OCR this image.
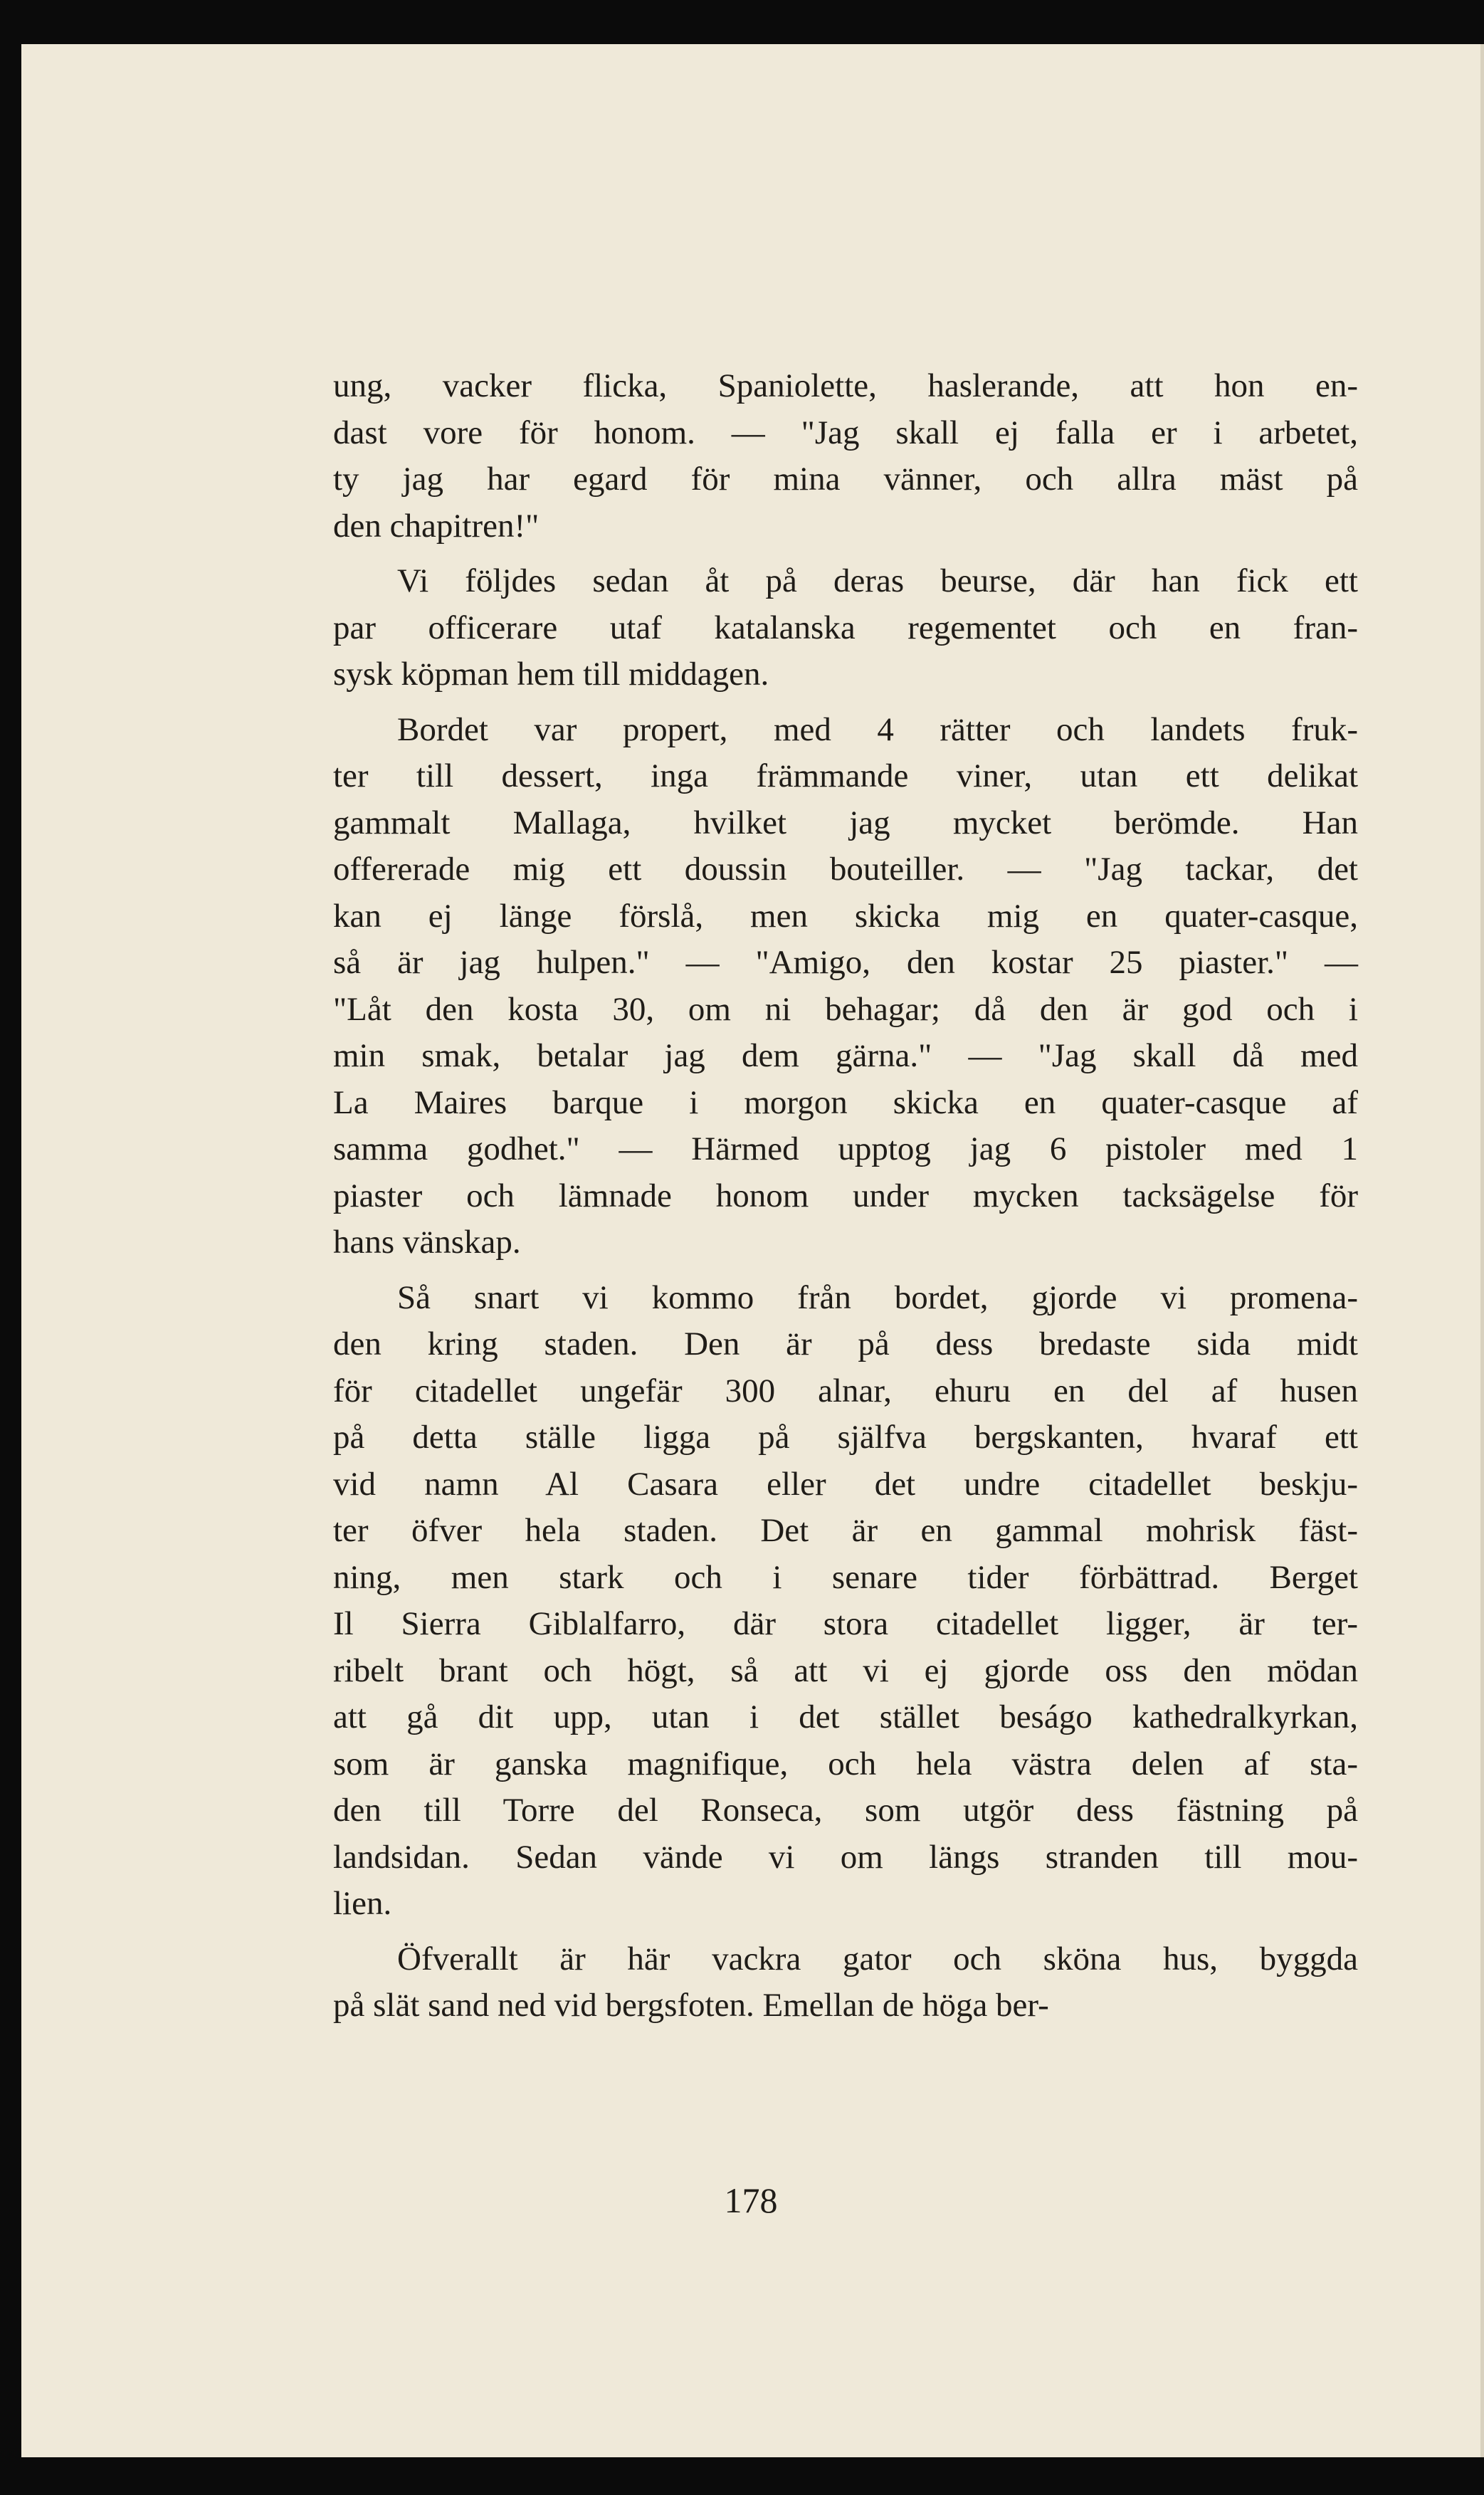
ung, vacker flicka, Spaniolette, haslerande, att hon en-
dast vore för honom. — "Jag skall ej falla er i arbetet,
ty jag har egard för mina vänner, och allra mäst på
den chapitren!"

Vi följdes sedan åt på deras beurse, där han fick ett
par officerare utaf katalanska regementet och en fran-
sysk köpman hem till middagen.

Bordet var propert, med 4 rätter och landets fruk-
ter till dessert, inga främmande viner, utan ett delikat
gammalt Mallaga, hvilket jag mycket berömde. Han
offererade mig ett doussin bouteiller. — "Jag tackar, det
kan ej länge förslå, men skicka mig en quater-casque,
så är jag hulpen." — "Amigo, den kostar 25 piaster." —
"Låt den kosta 30, om ni behagar; då den är god och i
min smak, betalar jag dem gärna." — "Jag skall då med
La Maires barque i morgon skicka en quater-casque af
samma godhet." — Härmed upptog jag 6 pistoler med 1
piaster och lämnade honom under mycken tacksägelse för
hans vänskap.

Så snart vi kommo från bordet, gjorde vi promena-
den kring staden. Den är på dess bredaste sida midt
för citadellet ungefär 300 alnar, ehuru en del af husen
på detta ställe ligga på själfva bergskanten, hvaraf ett
vid namn Al Casara eller det undre citadellet beskju-
ter öfver hela staden. Det är en gammal mohrisk fäst-
ning, men stark och i senare tider förbättrad. Berget
Il Sierra Giblalfarro, där stora citadellet ligger, är ter-
ribelt brant och högt, så att vi ej gjorde oss den mödan
att gå dit upp, utan i det stället beságo kathedralkyrkan,
som är ganska magnifique, och hela västra delen af sta-
den till Torre del Ronseca, som utgör dess fästning på
landsidan. Sedan vände vi om längs stranden till mou-
lien.

Öfverallt är här vackra gator och sköna hus, byggda
på slät sand ned vid bergsfoten. Emellan de höga ber-

178
